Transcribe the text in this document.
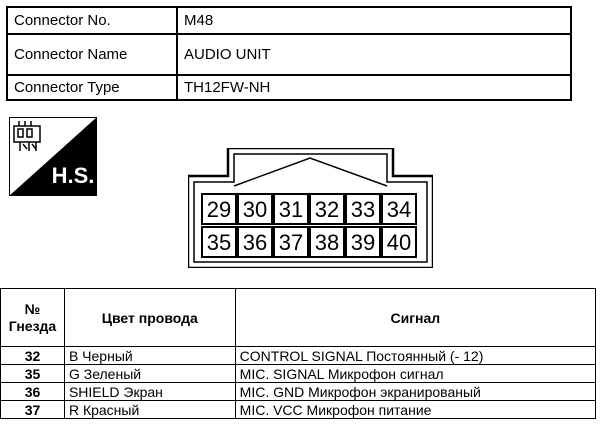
Connector No.	M48
Connector Name	AUDIO UNIT
Connector Type	TH12FW-NH
H.S.
29 30 31 32 33 34
35 36 37 38 39 40
№
Гнезда	Цвет провода	Сигнал
32	B Черный	CONTROL SIGNAL Постоянный (- 12)
35	G Зеленый	MIC. SIGNAL Микрофон сигнал
36	SHIELD Экран	MIC. GND Микрофон экранированый
37	R Красный	MIC. VCC Микрофон питание
